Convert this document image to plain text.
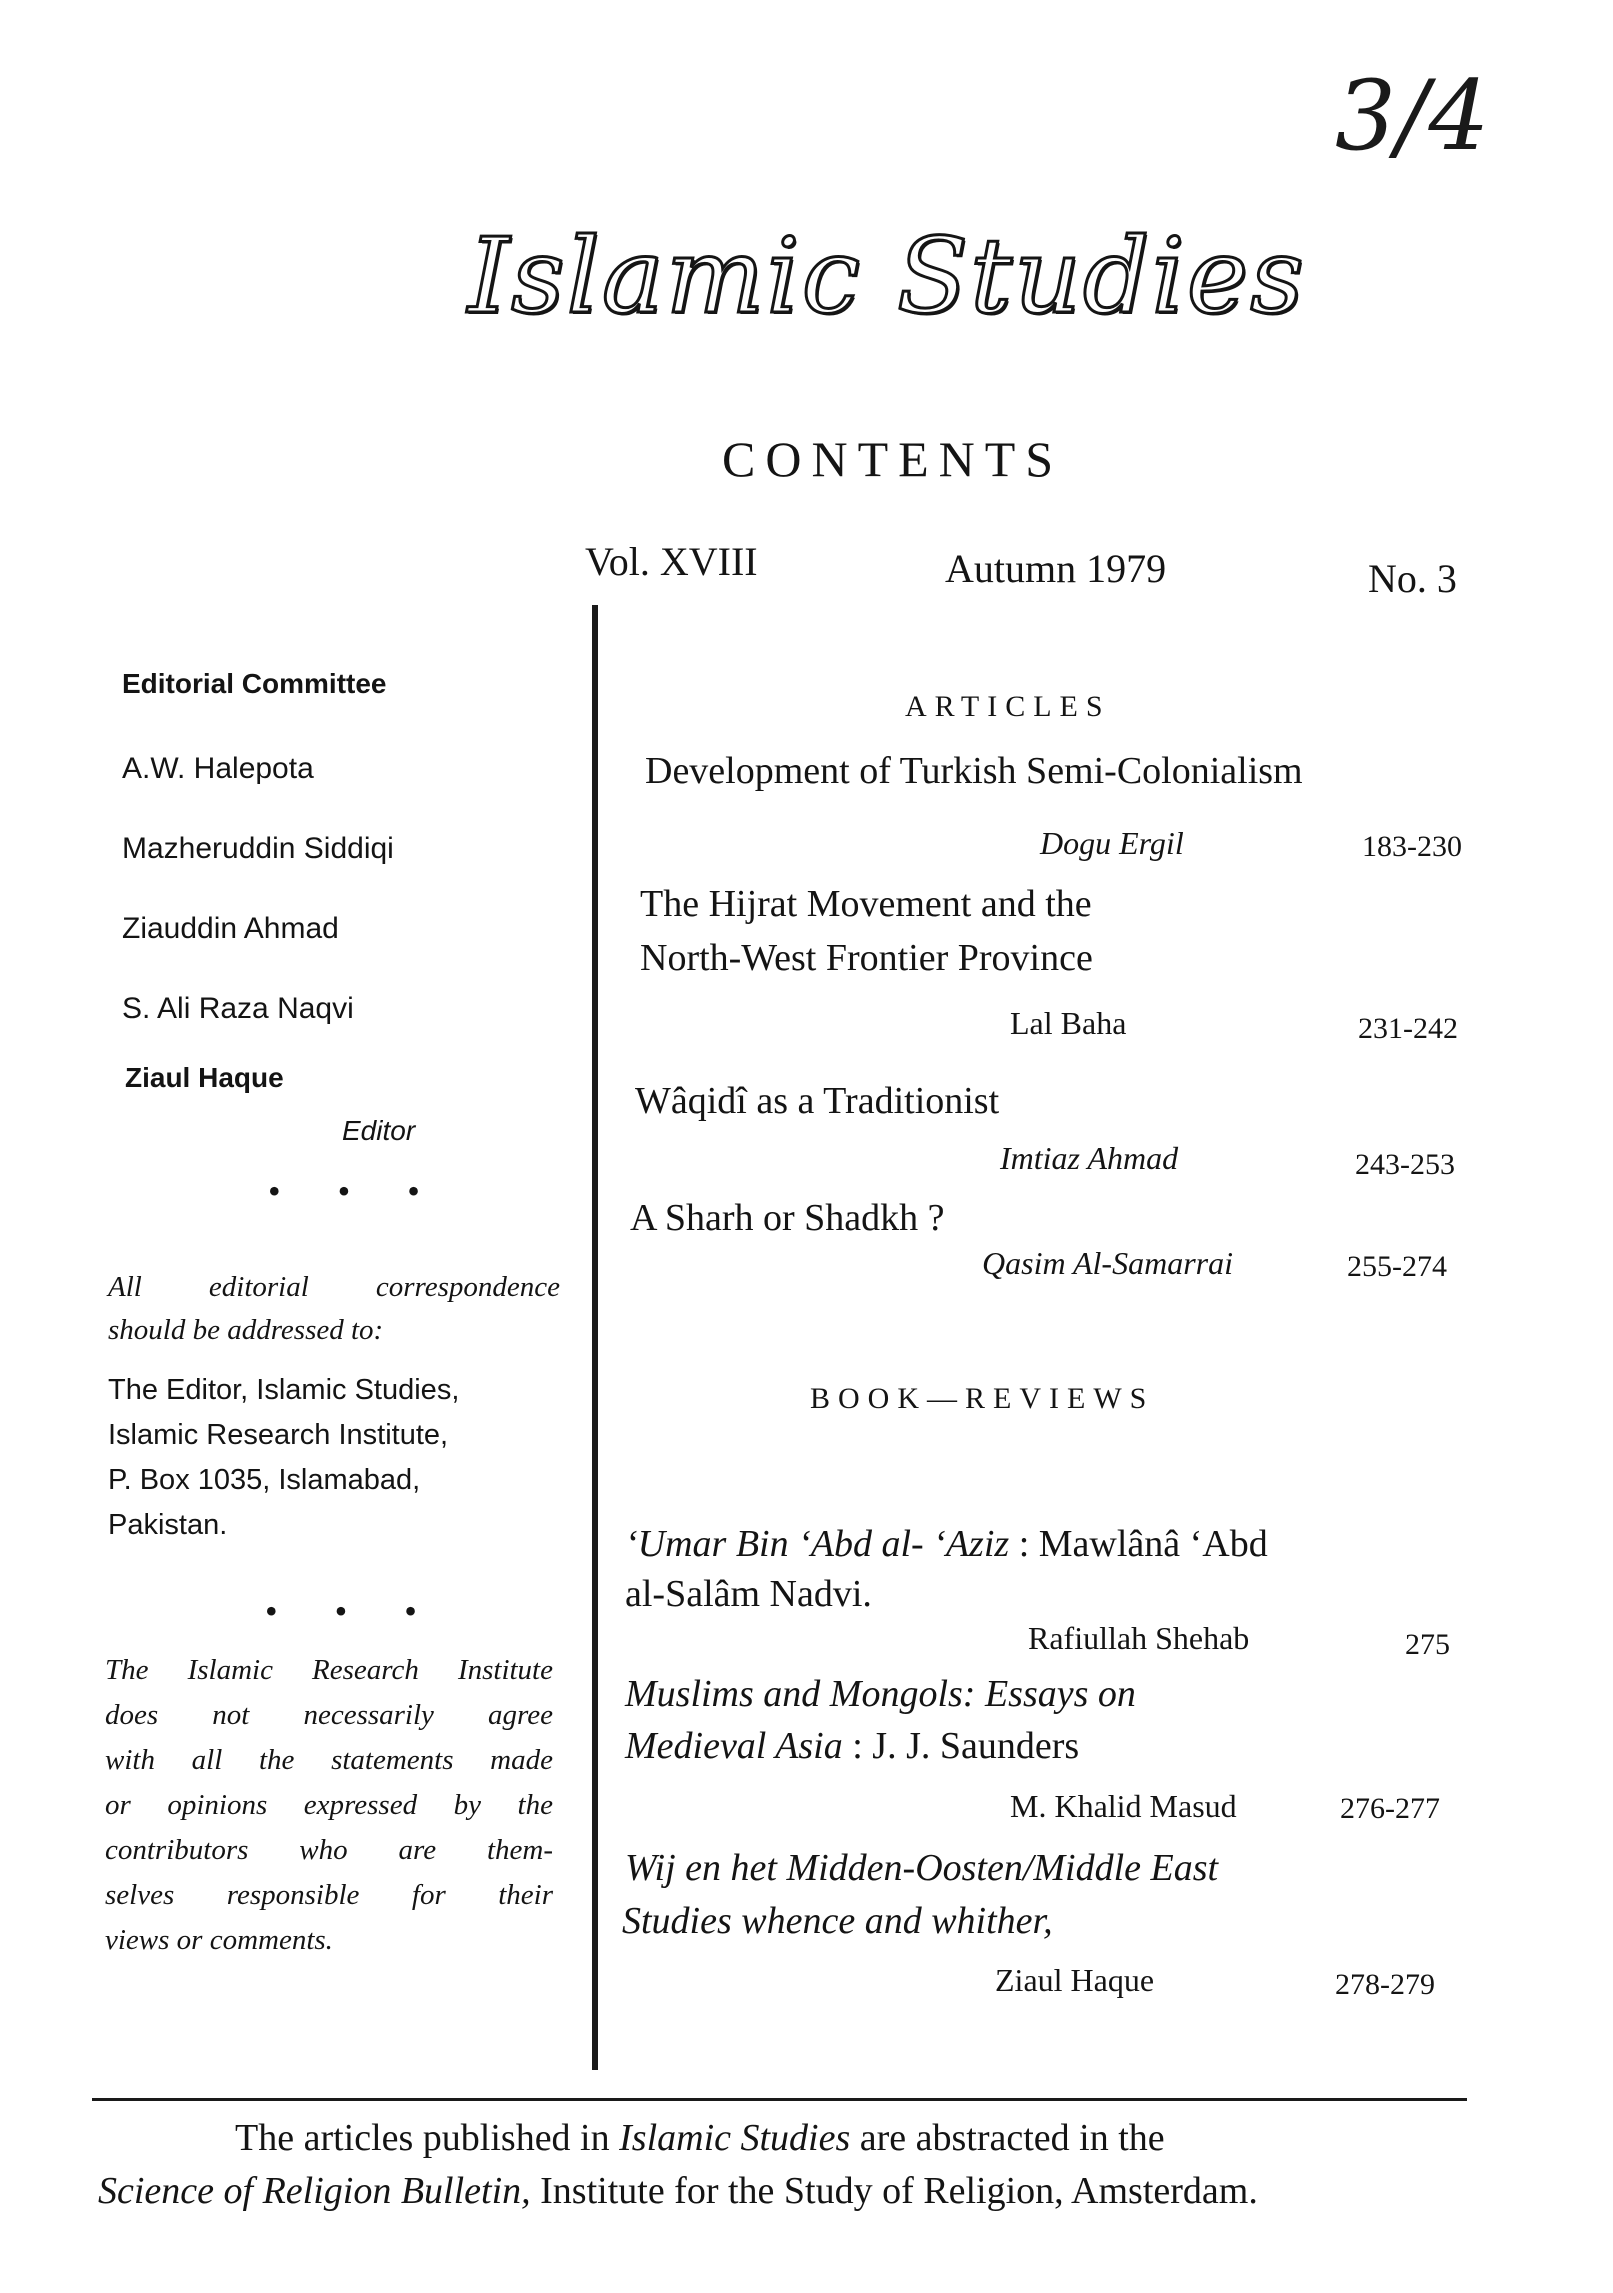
3/4
Islamic Studies
CONTENTS
Vol. XVIII	Autumn 1979	No. 3
Editorial Committee
A.W. Halepota
Mazheruddin Siddiqi
Ziauddin Ahmad
S. Ali Raza Naqvi
Ziaul Haque
Editor
• • •
All editorial correspondence
should be addressed to:
The Editor, Islamic Studies,
Islamic Research Institute,
P. Box 1035, Islamabad,
Pakistan.
• • •
The Islamic Research Institute
does not necessarily agree
with all the statements made
or opinions expressed by the
contributors who are them-
selves responsible for their
views or comments.
ARTICLES
Development of Turkish Semi-Colonialism
Dogu Ergil	183-230
The Hijrat Movement and the
North-West Frontier Province
Lal Baha	231-242
Wâqidî as a Traditionist
Imtiaz Ahmad	243-253
A Sharh or Shadkh ?
Qasim Al-Samarrai	255-274
BOOK—REVIEWS
‘Umar Bin ‘Abd al- ‘Aziz : Mawlânâ ‘Abd
al-Salâm Nadvi.
Rafiullah Shehab	275
Muslims and Mongols: Essays on
Medieval Asia : J. J. Saunders
M. Khalid Masud	276-277
Wij en het Midden-Oosten/Middle East
Studies whence and whither,
Ziaul Haque	278-279
The articles published in Islamic Studies are abstracted in the
Science of Religion Bulletin, Institute for the Study of Religion, Amsterdam.
